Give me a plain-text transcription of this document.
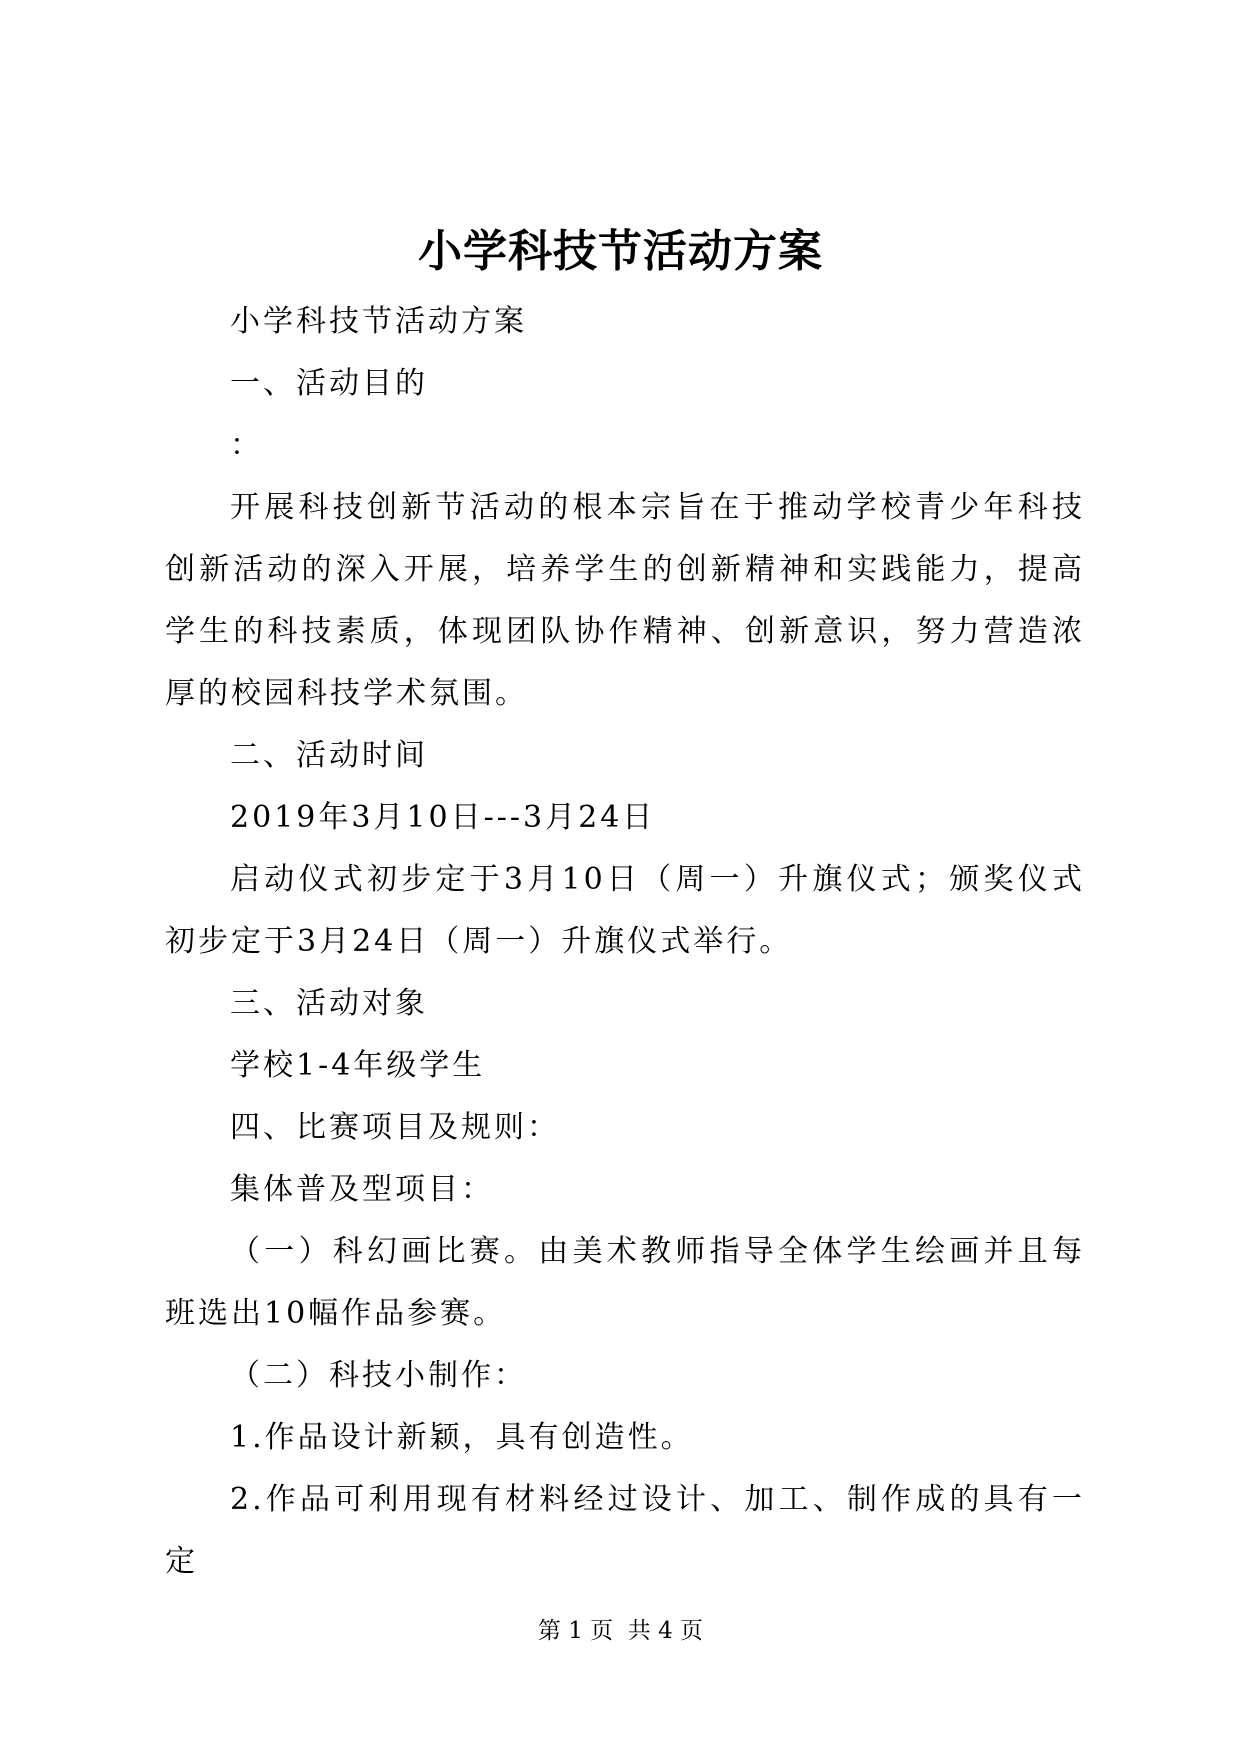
小学科技节活动方案

小学科技节活动方案

一、活动目的

：

开展科技创新节活动的根本宗旨在于推动学校青少年科技创新活动的深入开展，培养学生的创新精神和实践能力，提高学生的科技素质，体现团队协作精神、创新意识，努力营造浓厚的校园科技学术氛围。

二、活动时间

2019年3月10日---3月24日

启动仪式初步定于3月10日（周一）升旗仪式；颁奖仪式初步定于3月24日（周一）升旗仪式举行。

三、活动对象

学校1-4年级学生

四、比赛项目及规则：

集体普及型项目：

（一）科幻画比赛。由美术教师指导全体学生绘画并且每班选出10幅作品参赛。

（二）科技小制作：

1.作品设计新颖，具有创造性。

2.作品可利用现有材料经过设计、加工、制作成的具有一定

第 1 页  共 4 页
